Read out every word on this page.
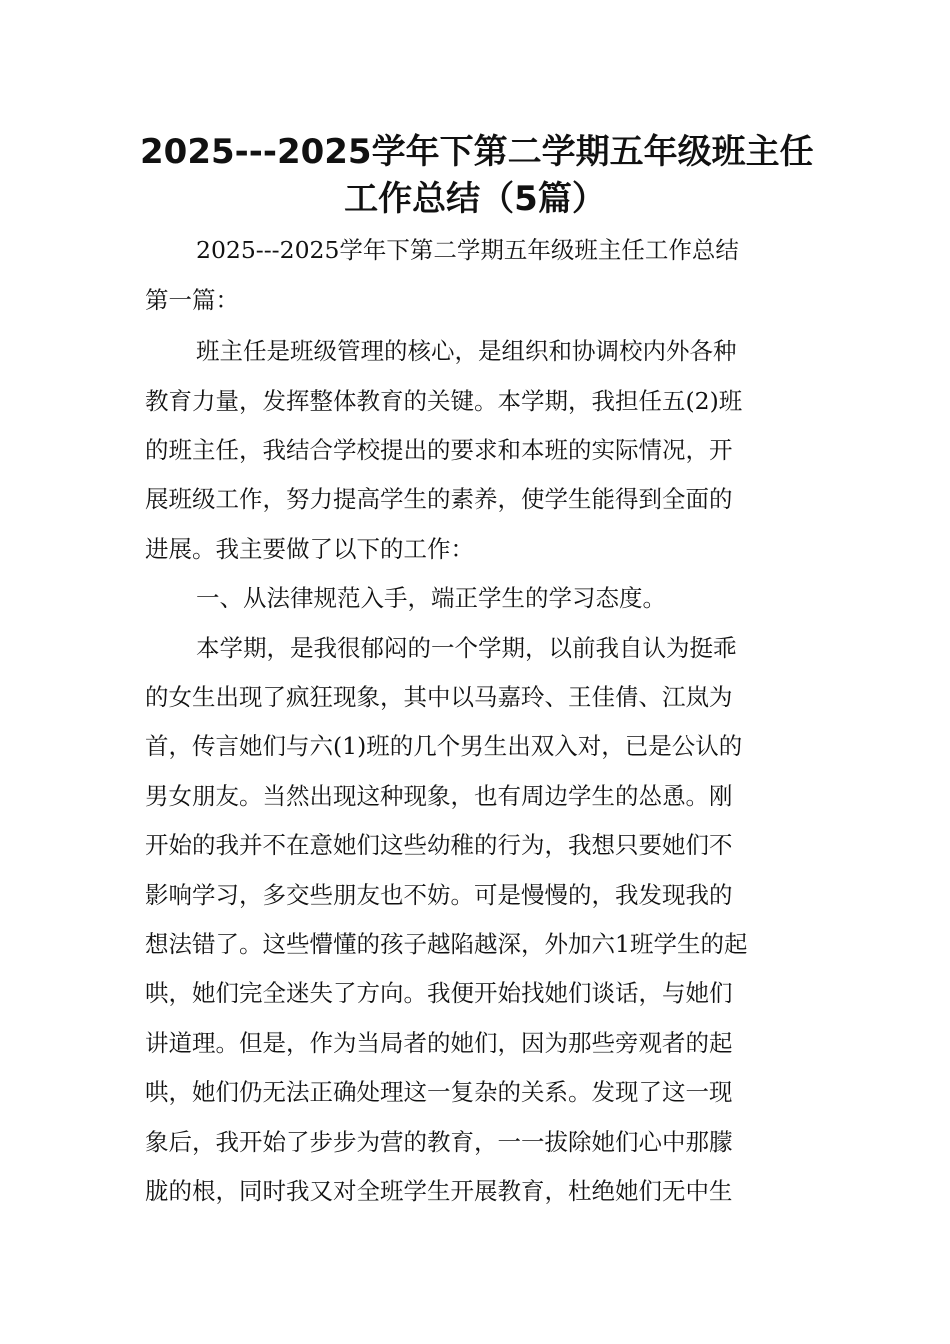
2025---2025学年下第二学期五年级班主任
工作总结（5篇）

2025---2025学年下第二学期五年级班主任工作总结

第一篇：

班主任是班级管理的核心，是组织和协调校内外各种

教育力量，发挥整体教育的关键。本学期，我担任五(2)班

的班主任，我结合学校提出的要求和本班的实际情况，开

展班级工作，努力提高学生的素养，使学生能得到全面的

进展。我主要做了以下的工作：

一、从法律规范入手，端正学生的学习态度。

本学期，是我很郁闷的一个学期，以前我自认为挺乖

的女生出现了疯狂现象，其中以马嘉玲、王佳倩、江岚为

首，传言她们与六(1)班的几个男生出双入对，已是公认的

男女朋友。当然出现这种现象，也有周边学生的怂恿。刚

开始的我并不在意她们这些幼稚的行为，我想只要她们不

影响学习，多交些朋友也不妨。可是慢慢的，我发现我的

想法错了。这些懵懂的孩子越陷越深，外加六1班学生的起

哄，她们完全迷失了方向。我便开始找她们谈话，与她们

讲道理。但是，作为当局者的她们，因为那些旁观者的起

哄，她们仍无法正确处理这一复杂的关系。发现了这一现

象后，我开始了步步为营的教育，一一拔除她们心中那朦

胧的根，同时我又对全班学生开展教育，杜绝她们无中生
